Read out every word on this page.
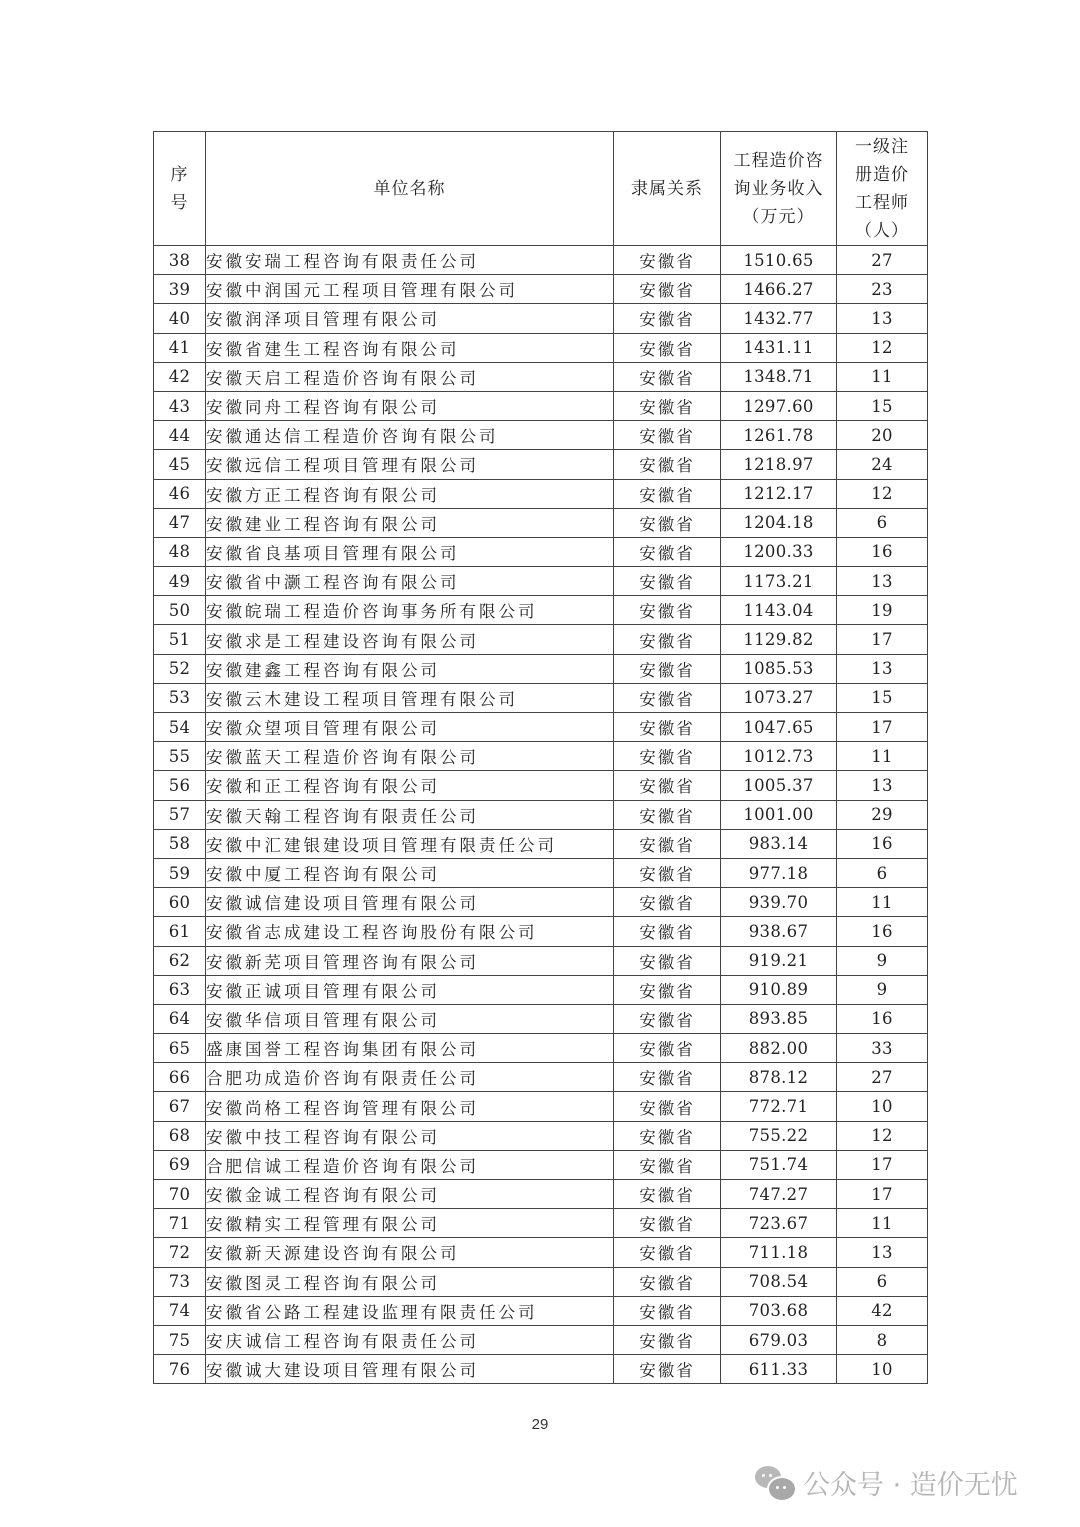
序号	单位名称	隶属关系	工程造价咨询业务收入（万元）	一级注册造价工程师（人）
38	安徽安瑞工程咨询有限责任公司	安徽省	1510.65	27
39	安徽中润国元工程项目管理有限公司	安徽省	1466.27	23
40	安徽润泽项目管理有限公司	安徽省	1432.77	13
41	安徽省建生工程咨询有限公司	安徽省	1431.11	12
42	安徽天启工程造价咨询有限公司	安徽省	1348.71	11
43	安徽同舟工程咨询有限公司	安徽省	1297.60	15
44	安徽通达信工程造价咨询有限公司	安徽省	1261.78	20
45	安徽远信工程项目管理有限公司	安徽省	1218.97	24
46	安徽方正工程咨询有限公司	安徽省	1212.17	12
47	安徽建业工程咨询有限公司	安徽省	1204.18	6
48	安徽省良基项目管理有限公司	安徽省	1200.33	16
49	安徽省中灏工程咨询有限公司	安徽省	1173.21	13
50	安徽皖瑞工程造价咨询事务所有限公司	安徽省	1143.04	19
51	安徽求是工程建设咨询有限公司	安徽省	1129.82	17
52	安徽建鑫工程咨询有限公司	安徽省	1085.53	13
53	安徽云木建设工程项目管理有限公司	安徽省	1073.27	15
54	安徽众望项目管理有限公司	安徽省	1047.65	17
55	安徽蓝天工程造价咨询有限公司	安徽省	1012.73	11
56	安徽和正工程咨询有限公司	安徽省	1005.37	13
57	安徽天翰工程咨询有限责任公司	安徽省	1001.00	29
58	安徽中汇建银建设项目管理有限责任公司	安徽省	983.14	16
59	安徽中厦工程咨询有限公司	安徽省	977.18	6
60	安徽诚信建设项目管理有限公司	安徽省	939.70	11
61	安徽省志成建设工程咨询股份有限公司	安徽省	938.67	16
62	安徽新芜项目管理咨询有限公司	安徽省	919.21	9
63	安徽正诚项目管理有限公司	安徽省	910.89	9
64	安徽华信项目管理有限公司	安徽省	893.85	16
65	盛康国誉工程咨询集团有限公司	安徽省	882.00	33
66	合肥功成造价咨询有限责任公司	安徽省	878.12	27
67	安徽尚格工程咨询管理有限公司	安徽省	772.71	10
68	安徽中技工程咨询有限公司	安徽省	755.22	12
69	合肥信诚工程造价咨询有限公司	安徽省	751.74	17
70	安徽金诚工程咨询有限公司	安徽省	747.27	17
71	安徽精实工程管理有限公司	安徽省	723.67	11
72	安徽新天源建设咨询有限公司	安徽省	711.18	13
73	安徽图灵工程咨询有限公司	安徽省	708.54	6
74	安徽省公路工程建设监理有限责任公司	安徽省	703.68	42
75	安庆诚信工程咨询有限责任公司	安徽省	679.03	8
76	安徽诚大建设项目管理有限公司	安徽省	611.33	10
29
公众号 · 造价无忧
